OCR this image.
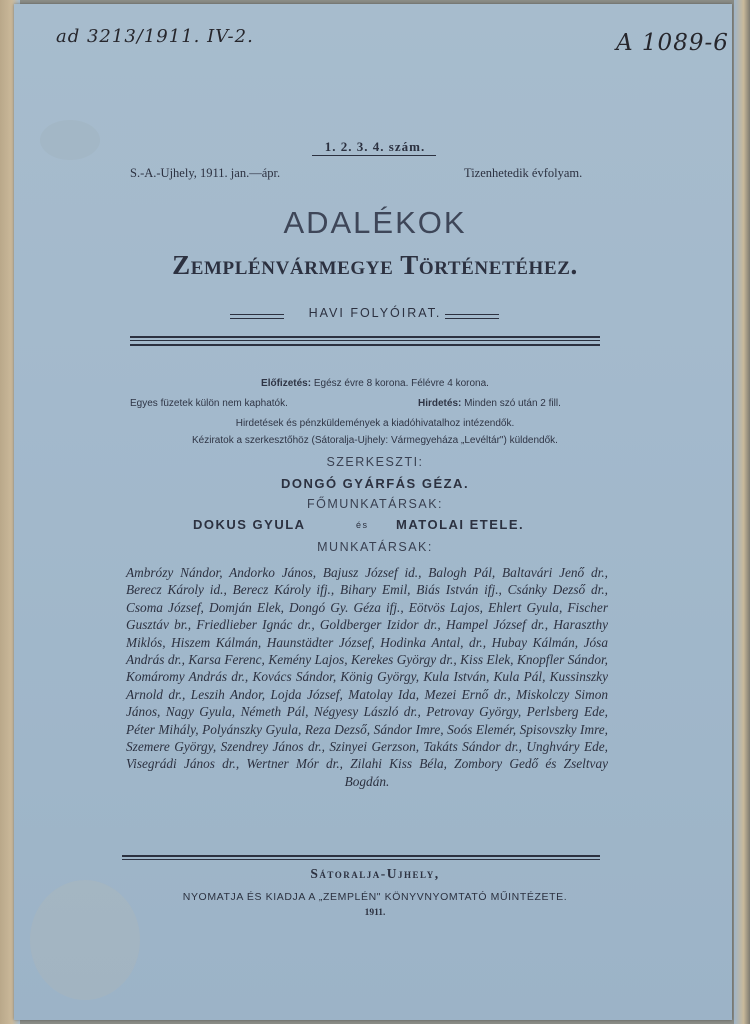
ad 3213/1911. IV-2.	A 1089-6
1. 2. 3. 4. szám.
S.-A.-Ujhely, 1911. jan.—ápr.	Tizenhetedik évfolyam.
ADALÉKOK
Zemplénvármegye Történetéhez.
HAVI FOLYÓIRAT.
Előfizetés: Egész évre 8 korona. Félévre 4 korona.
Egyes füzetek külön nem kaphatók.	Hirdetés: Minden szó után 2 fill.
Hirdetések és pénzküldemények a kiadóhivatalhoz intézendők.
Kéziratok a szerkesztőhöz (Sátoraljа-Ujhely: Vármegyeháza „Levéltár") küldendők.
SZERKESZTI:
DONGÓ GYÁRFÁS GÉZA.
FŐMUNKATÁRSAK:
DOKUS GYULA	és MATOLAI ETELE.
MUNKATÁRSAK:
Ambrózy Nándor, Andorko János, Bajusz József id., Balogh Pál, Baltavári Jenő dr., Berecz Károly id., Berecz Károly ifj., Bihary Emil, Biás István ifj., Csánky Dezső dr., Csoma József, Domján Elek, Dongó Gy. Géza ifj., Eötvös Lajos, Ehlert Gyula, Fischer Gusztáv br., Friedlieber Ignác dr., Goldberger Izidor dr., Hampel József dr., Haraszthy Miklós, Hiszem Kálmán, Haunstädter József, Hodinka Antal, dr., Hubay Kálmán, Jósa András dr., Karsa Ferenc, Kemény Lajos, Kerekes György dr., Kiss Elek, Knopfler Sándor, Komáromy András dr., Kovács Sándor, König György, Kula István, Kula Pál, Kussinszky Arnold dr., Leszih Andor, Lojda József, Matolay Ida, Mezei Ernő dr., Miskolczy Simon János, Nagy Gyula, Németh Pál, Négyesy László dr., Petrovay György, Perlsberg Ede, Péter Mihály, Polyánszky Gyula, Reza Dezső, Sándor Imre, Soós Elemér, Spisovszky Imre, Szemere György, Szendrey János dr., Szinyei Gerzson, Takáts Sándor dr., Unghváry Ede, Visegrádi János dr., Wertner Mór dr., Zilahi Kiss Béla, Zombory Gedő és Zseltvay Bogdán.
Sátoralja-Ujhely,
NYOMATJA ÉS KIADJA A „ZEMPLÉN" KÖNYVNYOMTATÓ MŰINTÉZETE.
1911.
